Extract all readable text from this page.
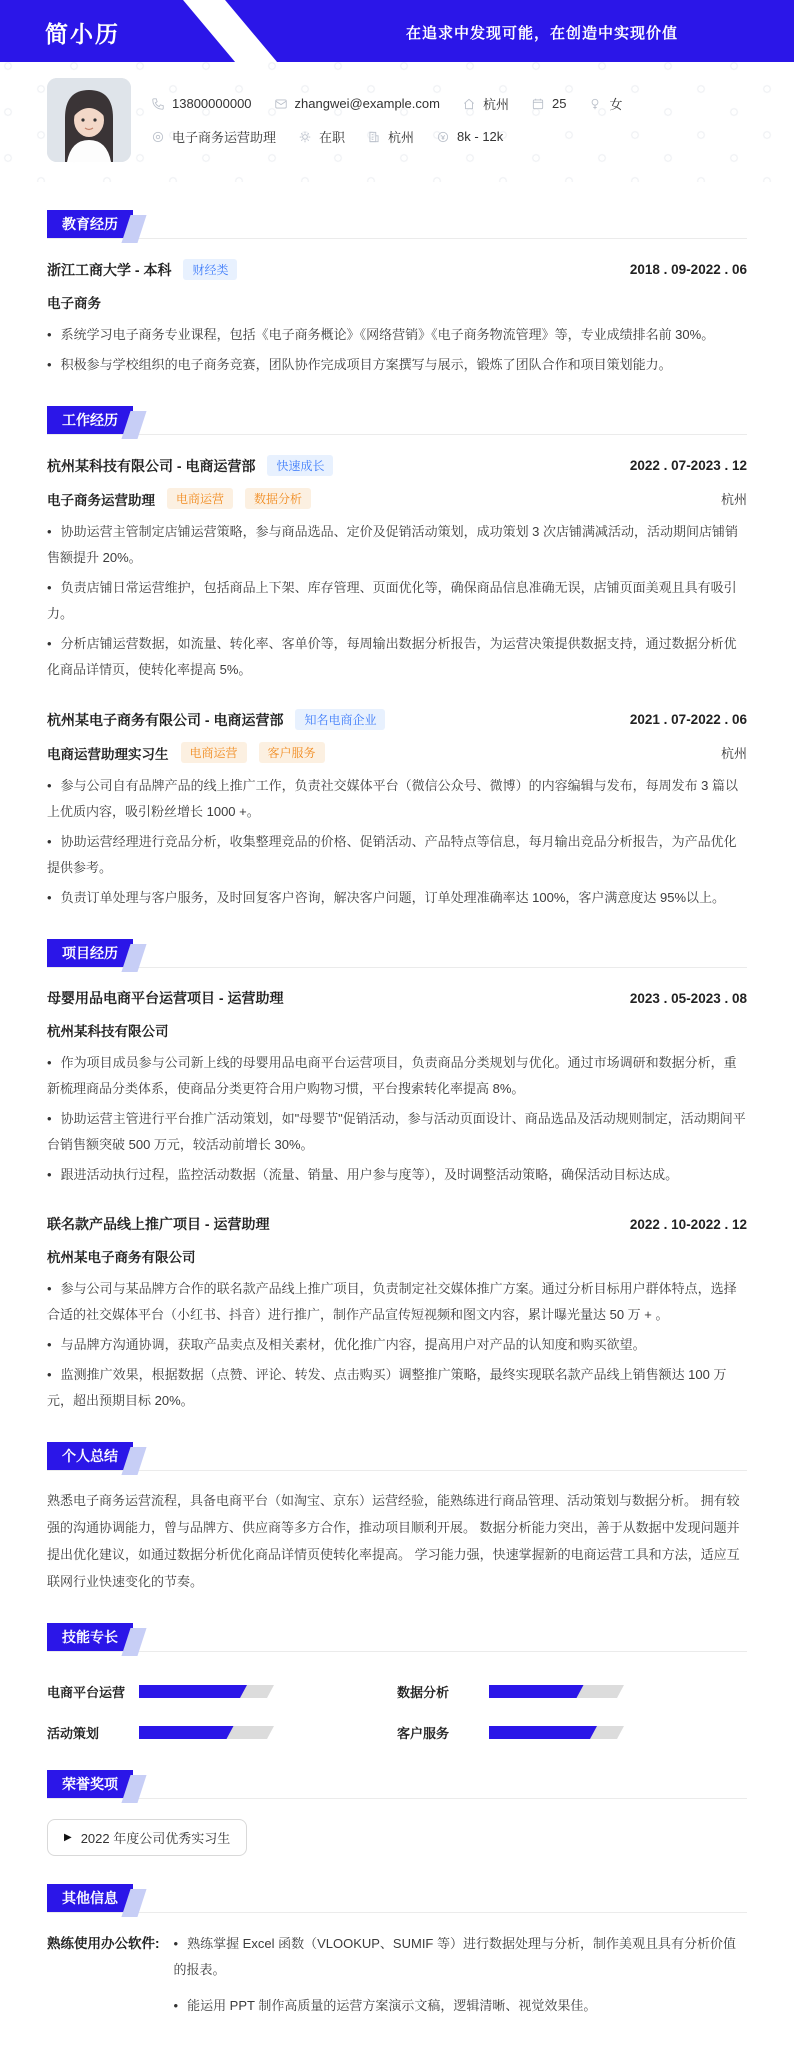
简小历	在追求中发现可能，在创造中实现价值
13800000000	zhangwei@example.com	杭州	25	女
电子商务运营助理	在职	杭州	8k - 12k
教育经历
浙江工商大学 - 本科	财经类	2018 . 09-2022 . 06
电子商务

• 系统学习电子商务专业课程，包括《电子商务概论》《网络营销》《电子商务物流管理》等，专业成绩排名前 30%。

• 积极参与学校组织的电子商务竞赛，团队协作完成项目方案撰写与展示，锻炼了团队合作和项目策划能力。

工作经历
杭州某科技有限公司 - 电商运营部	快速成长	2022 . 07-2023 . 12
电子商务运营助理	电商运营	数据分析	杭州

• 协助运营主管制定店铺运营策略，参与商品选品、定价及促销活动策划，成功策划 3 次店铺满减活动，活动期间店铺销售额提升 20%。

• 负责店铺日常运营维护，包括商品上下架、库存管理、页面优化等，确保商品信息准确无误，店铺页面美观且具有吸引力。

• 分析店铺运营数据，如流量、转化率、客单价等，每周输出数据分析报告，为运营决策提供数据支持，通过数据分析优化商品详情页，使转化率提高 5%。

杭州某电子商务有限公司 - 电商运营部	知名电商企业	2021 . 07-2022 . 06
电商运营助理实习生	电商运营	客户服务	杭州

• 参与公司自有品牌产品的线上推广工作，负责社交媒体平台（微信公众号、微博）的内容编辑与发布，每周发布 3 篇以上优质内容，吸引粉丝增长 1000 +。

• 协助运营经理进行竞品分析，收集整理竞品的价格、促销活动、产品特点等信息，每月输出竞品分析报告，为产品优化提供参考。

• 负责订单处理与客户服务，及时回复客户咨询，解决客户问题，订单处理准确率达 100%，客户满意度达 95%以上。

项目经历
母婴用品电商平台运营项目 - 运营助理	2023 . 05-2023 . 08
杭州某科技有限公司

• 作为项目成员参与公司新上线的母婴用品电商平台运营项目，负责商品分类规划与优化。通过市场调研和数据分析，重新梳理商品分类体系，使商品分类更符合用户购物习惯，平台搜索转化率提高 8%。

• 协助运营主管进行平台推广活动策划，如"母婴节"促销活动，参与活动页面设计、商品选品及活动规则制定，活动期间平台销售额突破 500 万元，较活动前增长 30%。

• 跟进活动执行过程，监控活动数据（流量、销量、用户参与度等），及时调整活动策略，确保活动目标达成。

联名款产品线上推广项目 - 运营助理	2022 . 10-2022 . 12
杭州某电子商务有限公司

• 参与公司与某品牌方合作的联名款产品线上推广项目，负责制定社交媒体推广方案。通过分析目标用户群体特点，选择合适的社交媒体平台（小红书、抖音）进行推广，制作产品宣传短视频和图文内容，累计曝光量达 50 万 + 。

• 与品牌方沟通协调，获取产品卖点及相关素材，优化推广内容，提高用户对产品的认知度和购买欲望。

• 监测推广效果，根据数据（点赞、评论、转发、点击购买）调整推广策略，最终实现联名款产品线上销售额达 100 万元，超出预期目标 20%。

个人总结

熟悉电子商务运营流程，具备电商平台（如淘宝、京东）运营经验，能熟练进行商品管理、活动策划与数据分析。 拥有较强的沟通协调能力，曾与品牌方、供应商等多方合作，推动项目顺利开展。 数据分析能力突出，善于从数据中发现问题并提出优化建议，如通过数据分析优化商品详情页使转化率提高。 学习能力强，快速掌握新的电商运营工具和方法，适应互联网行业快速变化的节奏。

技能专长
电商平台运营	数据分析
活动策划	客户服务
荣誉奖项
▶ 2022 年度公司优秀实习生
其他信息
熟练使用办公软件: • 熟练掌握 Excel 函数（VLOOKUP、SUMIF 等）进行数据处理与分析，制作美观且具有分析价值的报表。

• 能运用 PPT 制作高质量的运营方案演示文稿，逻辑清晰、视觉效果佳。
